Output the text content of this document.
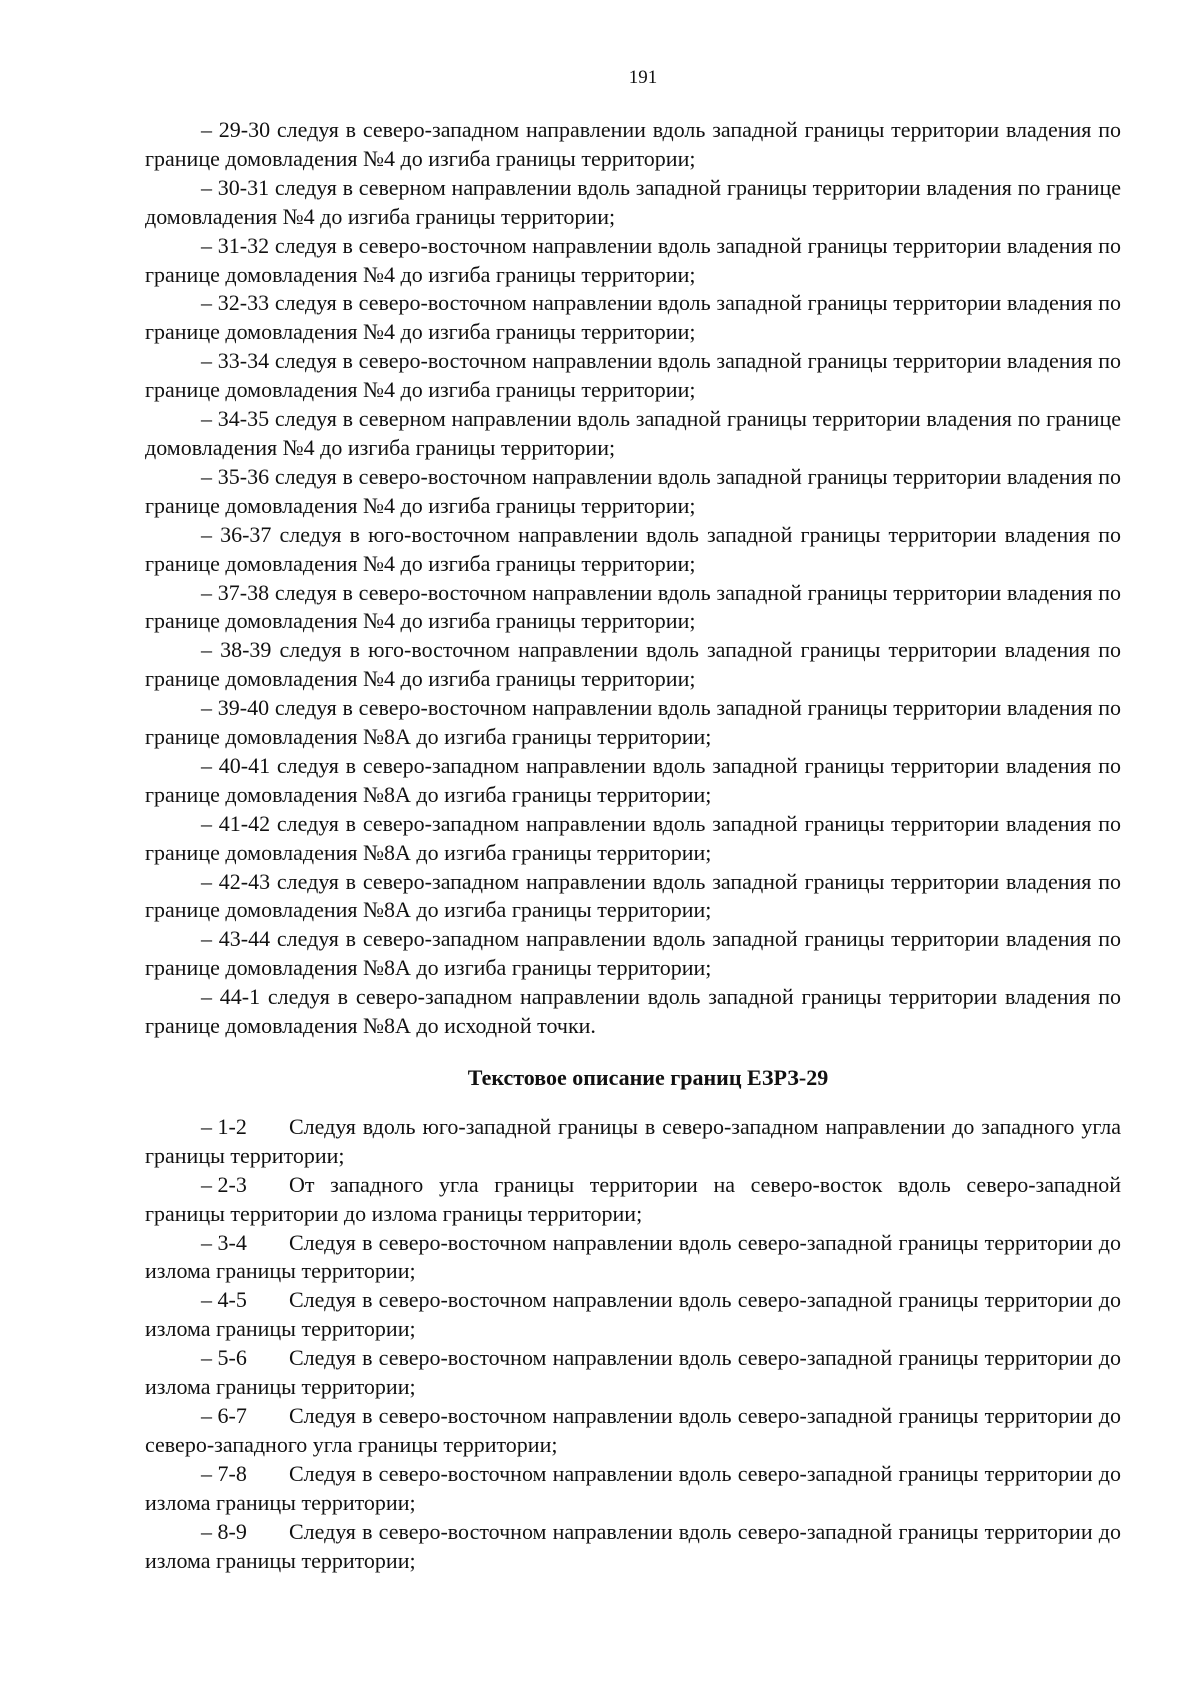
191

– 29-30 следуя в северо-западном направлении вдоль западной границы территории владения по границе домовладения №4 до изгиба границы территории;

– 30-31 следуя в северном направлении вдоль западной границы территории владения по границе домовладения №4 до изгиба границы территории;

– 31-32 следуя в северо-восточном направлении вдоль западной границы территории владения по границе домовладения №4 до изгиба границы территории;

– 32-33 следуя в северо-восточном направлении вдоль западной границы территории владения по границе домовладения №4 до изгиба границы территории;

– 33-34 следуя в северо-восточном направлении вдоль западной границы территории владения по границе домовладения №4 до изгиба границы территории;

– 34-35 следуя в северном направлении вдоль западной границы территории владения по границе домовладения №4 до изгиба границы территории;

– 35-36 следуя в северо-восточном направлении вдоль западной границы территории владения по границе домовладения №4 до изгиба границы территории;

– 36-37 следуя в юго-восточном направлении вдоль западной границы территории владения по границе домовладения №4 до изгиба границы территории;

– 37-38 следуя в северо-восточном направлении вдоль западной границы территории владения по границе домовладения №4 до изгиба границы территории;

– 38-39 следуя в юго-восточном направлении вдоль западной границы территории владения по границе домовладения №4 до изгиба границы территории;

– 39-40 следуя в северо-восточном направлении вдоль западной границы территории владения по границе домовладения №8А до изгиба границы территории;

– 40-41 следуя в северо-западном направлении вдоль западной границы территории владения по границе домовладения №8А до изгиба границы территории;

– 41-42 следуя в северо-западном направлении вдоль западной границы территории владения по границе домовладения №8А до изгиба границы территории;

– 42-43 следуя в северо-западном направлении вдоль западной границы территории владения по границе домовладения №8А до изгиба границы территории;

– 43-44 следуя в северо-западном направлении вдоль западной границы территории владения по границе домовладения №8А до изгиба границы территории;

– 44-1 следуя в северо-западном направлении вдоль западной границы территории владения по границе домовладения №8А до исходной точки.

Текстовое описание границ ЕЗРЗ-29

– 1-2 Следуя вдоль юго-западной границы в северо-западном направлении до западного угла границы территории;

– 2-3 От западного угла границы территории на северо-восток вдоль северо-западной границы территории до излома границы территории;

– 3-4 Следуя в северо-восточном направлении вдоль северо-западной границы территории до излома границы территории;

– 4-5 Следуя в северо-восточном направлении вдоль северо-западной границы территории до излома границы территории;

– 5-6 Следуя в северо-восточном направлении вдоль северо-западной границы территории до излома границы территории;

– 6-7 Следуя в северо-восточном направлении вдоль северо-западной границы территории до северо-западного угла границы территории;

– 7-8 Следуя в северо-восточном направлении вдоль северо-западной границы территории до излома границы территории;

– 8-9 Следуя в северо-восточном направлении вдоль северо-западной границы территории до излома границы территории;
